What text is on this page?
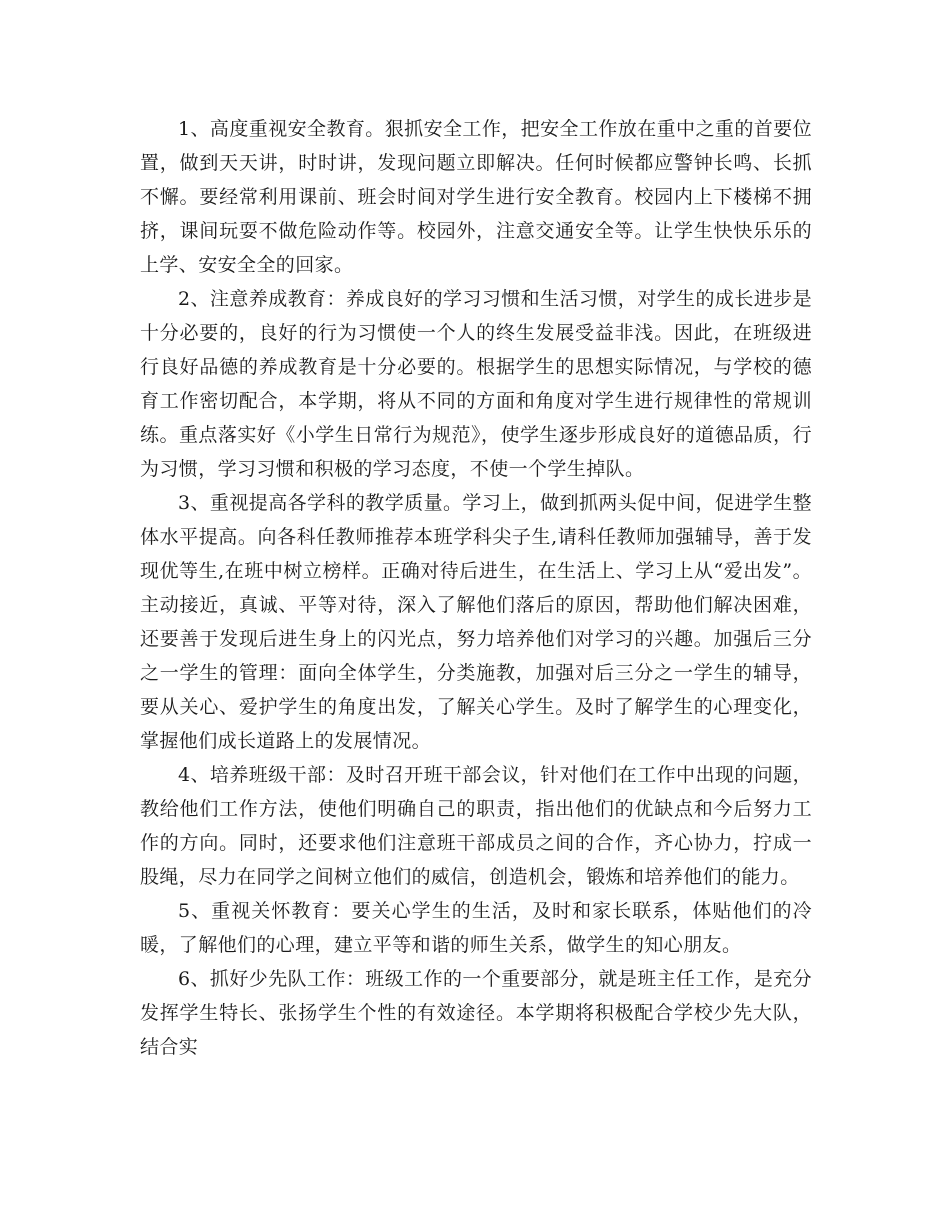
1、高度重视安全教育。狠抓安全工作，把安全工作放在重中之重的首要位置，做到天天讲，时时讲，发现问题立即解决。任何时候都应警钟长鸣、长抓不懈。要经常利用课前、班会时间对学生进行安全教育。校园内上下楼梯不拥挤，课间玩耍不做危险动作等。校园外，注意交通安全等。让学生快快乐乐的上学、安安全全的回家。

2、注意养成教育：养成良好的学习习惯和生活习惯，对学生的成长进步是十分必要的，良好的行为习惯使一个人的终生发展受益非浅。因此，在班级进行良好品德的养成教育是十分必要的。根据学生的思想实际情况，与学校的德育工作密切配合，本学期，将从不同的方面和角度对学生进行规律性的常规训练。重点落实好《小学生日常行为规范》，使学生逐步形成良好的道德品质，行为习惯，学习习惯和积极的学习态度，不使一个学生掉队。

3、重视提高各学科的教学质量。学习上，做到抓两头促中间，促进学生整体水平提高。向各科任教师推荐本班学科尖子生,请科任教师加强辅导，善于发现优等生,在班中树立榜样。正确对待后进生，在生活上、学习上从“爱出发”。主动接近，真诚、平等对待，深入了解他们落后的原因，帮助他们解决困难，还要善于发现后进生身上的闪光点，努力培养他们对学习的兴趣。加强后三分之一学生的管理：面向全体学生，分类施教，加强对后三分之一学生的辅导，要从关心、爱护学生的角度出发，了解关心学生。及时了解学生的心理变化，掌握他们成长道路上的发展情况。

4、培养班级干部：及时召开班干部会议，针对他们在工作中出现的问题，教给他们工作方法，使他们明确自己的职责，指出他们的优缺点和今后努力工作的方向。同时，还要求他们注意班干部成员之间的合作，齐心协力，拧成一股绳，尽力在同学之间树立他们的威信，创造机会，锻炼和培养他们的能力。

5、重视关怀教育：要关心学生的生活，及时和家长联系，体贴他们的冷暖，了解他们的心理，建立平等和谐的师生关系，做学生的知心朋友。

6、抓好少先队工作：班级工作的一个重要部分，就是班主任工作，是充分发挥学生特长、张扬学生个性的有效途径。本学期将积极配合学校少先大队，结合实
